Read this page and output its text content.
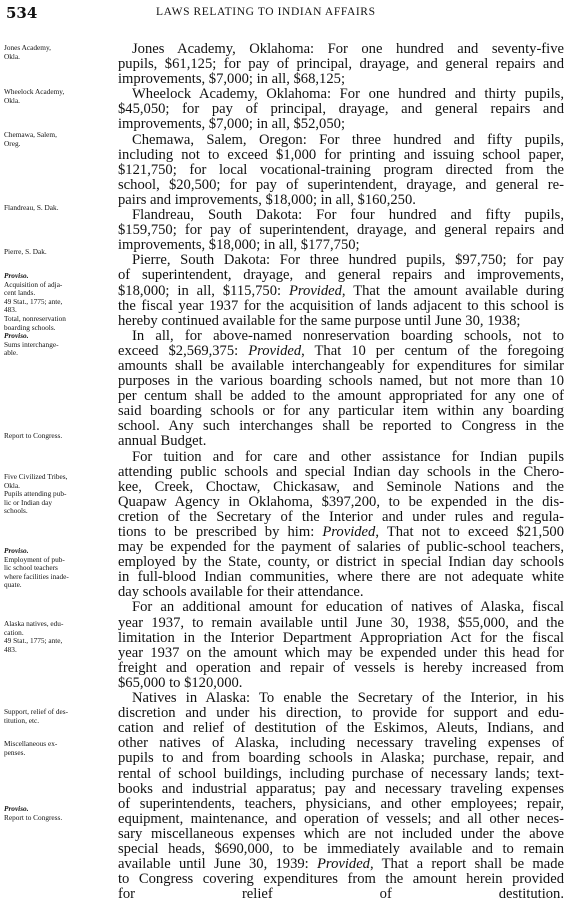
534	LAWS RELATING TO INDIAN AFFAIRS
Jones Academy,
Okla.
Wheelock Academy,
Okla.
Chemawa, Salem,
Oreg.
Flandreau, S. Dak.
Pierre, S. Dak.
Proviso.
Acquisition of adja-
cent lands.
49 Stat., 1775; ante,
483.
Total, nonreservation
boarding schools.
Proviso.
Sums interchange-
able.
Report to Congress.
Five Civilized Tribes,
Okla.
Pupils attending pub-
lic or Indian day
schools.
Proviso.
Employment of pub-
lic school teachers
where facilities inade-
quate.
Alaska natives, edu-
cation.
49 Stat., 1775; ante,
483.
Support, relief of des-
titution, etc.
Miscellaneous ex-
penses.
Proviso.
Report to Congress.
Jones Academy, Oklahoma: For one hundred and seventy-five
pupils, $61,125; for pay of principal, drayage, and general repairs and
improvements, $7,000; in all, $68,125;
Wheelock Academy, Oklahoma: For one hundred and thirty pupils,
$45,050; for pay of principal, drayage, and general repairs and
improvements, $7,000; in all, $52,050;
Chemawa, Salem, Oregon: For three hundred and fifty pupils,
including not to exceed $1,000 for printing and issuing school paper,
$121,750; for local vocational-training program directed from the
school, $20,500; for pay of superintendent, drayage, and general re-
pairs and improvements, $18,000; in all, $160,250.
Flandreau, South Dakota: For four hundred and fifty pupils,
$159,750; for pay of superintendent, drayage, and general repairs and
improvements, $18,000; in all, $177,750;
Pierre, South Dakota: For three hundred pupils, $97,750; for pay
of superintendent, drayage, and general repairs and improvements,
$18,000; in all, $115,750: Provided, That the amount available during
the fiscal year 1937 for the acquisition of lands adjacent to this school is
hereby continued available for the same purpose until June 30, 1938;
In all, for above-named nonreservation boarding schools, not to
exceed $2,569,375: Provided, That 10 per centum of the foregoing
amounts shall be available interchangeably for expenditures for similar
purposes in the various boarding schools named, but not more than 10
per centum shall be added to the amount appropriated for any one of
said boarding schools or for any particular item within any boarding
school. Any such interchanges shall be reported to Congress in the
annual Budget.
For tuition and for care and other assistance for Indian pupils
attending public schools and special Indian day schools in the Chero-
kee, Creek, Choctaw, Chickasaw, and Seminole Nations and the
Quapaw Agency in Oklahoma, $397,200, to be expended in the dis-
cretion of the Secretary of the Interior and under rules and regula-
tions to be prescribed by him: Provided, That not to exceed $21,500
may be expended for the payment of salaries of public-school teachers,
employed by the State, county, or district in special Indian day schools
in full-blood Indian communities, where there are not adequate white
day schools available for their attendance.
For an additional amount for education of natives of Alaska, fiscal
year 1937, to remain available until June 30, 1938, $55,000, and the
limitation in the Interior Department Appropriation Act for the fiscal
year 1937 on the amount which may be expended under this head for
freight and operation and repair of vessels is hereby increased from
$65,000 to $120,000.
Natives in Alaska: To enable the Secretary of the Interior, in his
discretion and under his direction, to provide for support and edu-
cation and relief of destitution of the Eskimos, Aleuts, Indians, and
other natives of Alaska, including necessary traveling expenses of
pupils to and from boarding schools in Alaska; purchase, repair, and
rental of school buildings, including purchase of necessary lands; text-
books and industrial apparatus; pay and necessary traveling expenses
of superintendents, teachers, physicians, and other employees; repair,
equipment, maintenance, and operation of vessels; and all other neces-
sary miscellaneous expenses which are not included under the above
special heads, $690,000, to be immediately available and to remain
available until June 30, 1939: Provided, That a report shall be made
to Congress covering expenditures from the amount herein provided
for relief of destitution.
